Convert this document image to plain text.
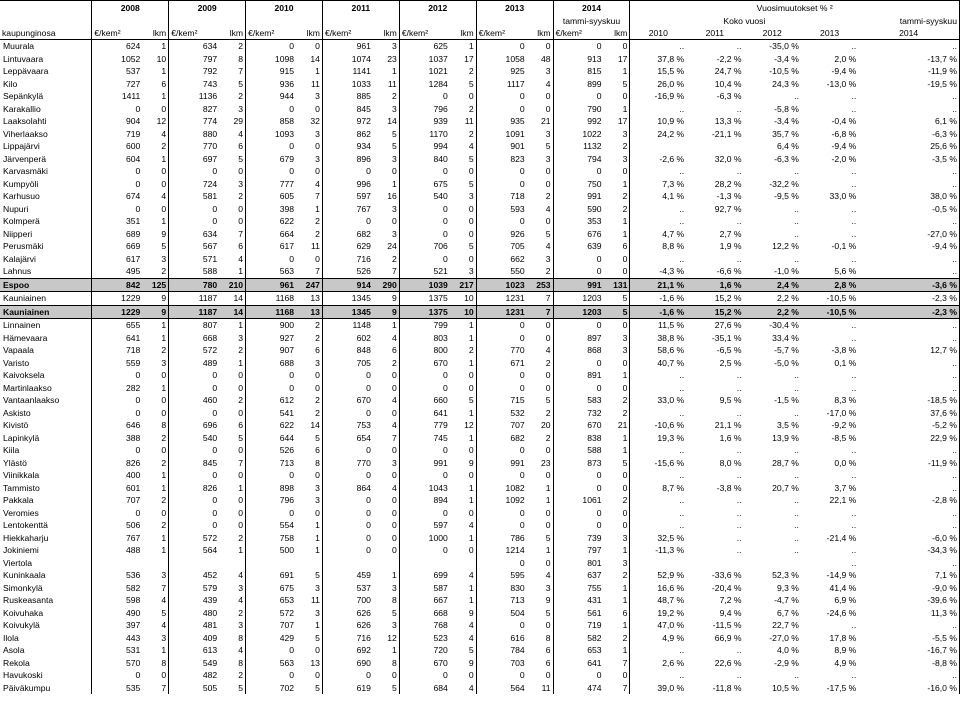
	2008		2009		2010		2011		2012		2013		2014		Vuosimuutokset % ²				
													tammi-syyskuu		Koko vuosi				tammi-syyskuu
kaupunginosa	€/kem²	lkm	€/kem²	lkm	€/kem²	lkm	€/kem²	lkm	€/kem²	lkm	€/kem²	lkm	€/kem²	lkm	2010	2011	2012	2013	2014
Muurala	624	1	634	2	0	0	961	3	625	1	0	0	0	0	..	..	-35,0 %	..	..
Lintuvaara	1052	10	797	8	1098	14	1074	23	1037	17	1058	48	913	17	37,8 %	-2,2 %	-3,4 %	2,0 %	-13,7 %
Leppävaara	537	1	792	7	915	1	1141	1	1021	2	925	3	815	1	15,5 %	24,7 %	-10,5 %	-9,4 %	-11,9 %
Kilo	727	6	743	5	936	11	1033	11	1284	5	1117	4	899	5	26,0 %	10,4 %	24,3 %	-13,0 %	-19,5 %
Sepänkylä	1411	1	1136	2	944	3	885	2	0	0	0	0	0	0	-16,9 %	-6,3 %	..	..	..
Karakallio	0	0	827	3	0	0	845	3	796	2	0	0	790	1	..	..	-5,8 %	..	..
Laaksolahti	904	12	774	29	858	32	972	14	939	11	935	21	992	17	10,9 %	13,3 %	-3,4 %	-0,4 %	6,1 %
Viherlaakso	719	4	880	4	1093	3	862	5	1170	2	1091	3	1022	3	24,2 %	-21,1 %	35,7 %	-6,8 %	-6,3 %
Lippajärvi	600	2	770	6	0	0	934	5	994	4	901	5	1132	2			6,4 %	-9,4 %	25,6 %
Järvenperä	604	1	697	5	679	3	896	3	840	5	823	3	794	3	-2,6 %	32,0 %	-6,3 %	-2,0 %	-3,5 %
Karvasmäki	0	0	0	0	0	0	0	0	0	0	0	0	0	0	..	..	..	..	..
Kumpyöli	0	0	724	3	777	4	996	1	675	5	0	0	750	1	7,3 %	28,2 %	-32,2 %	..	..
Karhusuo	674	4	581	2	605	7	597	16	540	3	718	2	991	2	4,1 %	-1,3 %	-9,5 %	33,0 %	38,0 %
Nupuri	0	0	0	0	398	1	767	3	0	0	593	4	590	2	..	92,7 %	..	..	-0,5 %
Kolmperä	351	1	0	0	622	2	0	0	0	0	0	0	353	1	..	..	..	..	..
Niipperi	689	9	634	7	664	2	682	3	0	0	926	5	676	1	4,7 %	2,7 %	..	..	-27,0 %
Perusmäki	669	5	567	6	617	11	629	24	706	5	705	4	639	6	8,8 %	1,9 %	12,2 %	-0,1 %	-9,4 %
Kalajärvi	617	3	571	4	0	0	716	2	0	0	662	3	0	0	..	..	..	..	..
Lahnus	495	2	588	1	563	7	526	7	521	3	550	2	0	0	-4,3 %	-6,6 %	-1,0 %	5,6 %	..
Espoo	842	125	780	210	961	247	914	290	1039	217	1023	253	991	131	21,1 %	1,6 %	2,4 %	2,8 %	-3,6 %
Kauniainen	1229	9	1187	14	1168	13	1345	9	1375	10	1231	7	1203	5	-1,6 %	15,2 %	2,2 %	-10,5 %	-2,3 %
Kauniainen	1229	9	1187	14	1168	13	1345	9	1375	10	1231	7	1203	5	-1,6 %	15,2 %	2,2 %	-10,5 %	-2,3 %
Linnainen	655	1	807	1	900	2	1148	1	799	1	0	0	0	0	11,5 %	27,6 %	-30,4 %	..	..
Hämevaara	641	1	668	3	927	2	602	4	803	1	0	0	897	3	38,8 %	-35,1 %	33,4 %	..	..
Vapaala	718	2	572	2	907	6	848	6	800	2	770	4	868	3	58,6 %	-6,5 %	-5,7 %	-3,8 %	12,7 %
Varisto	559	3	489	1	688	3	705	2	670	1	671	2	0	0	40,7 %	2,5 %	-5,0 %	0,1 %	..
Kaivoksela	0	0	0	0	0	0	0	0	0	0	0	0	891	1	..	..	..	..	..
Martinlaakso	282	1	0	0	0	0	0	0	0	0	0	0	0	0	..	..	..	..	..
Vantaanlaakso	0	0	460	2	612	2	670	4	660	5	715	5	583	2	33,0 %	9,5 %	-1,5 %	8,3 %	-18,5 %
Askisto	0	0	0	0	541	2	0	0	641	1	532	2	732	2	..	..	..	-17,0 %	37,6 %
Kivistö	646	8	696	6	622	14	753	4	779	12	707	20	670	21	-10,6 %	21,1 %	3,5 %	-9,2 %	-5,2 %
Lapinkylä	388	2	540	5	644	5	654	7	745	1	682	2	838	1	19,3 %	1,6 %	13,9 %	-8,5 %	22,9 %
Kiila	0	0	0	0	526	6	0	0	0	0	0	0	588	1	..	..	..	..	..
Ylästö	826	2	845	7	713	8	770	3	991	9	991	23	873	5	-15,6 %	8,0 %	28,7 %	0,0 %	-11,9 %
Viinikkala	400	1	0	0	0	0	0	0	0	0	0	0	0	0	..	..	..	..	..
Tammisto	601	1	826	1	898	3	864	4	1043	1	1082	1	0	0	8,7 %	-3,8 %	20,7 %	3,7 %	..
Pakkala	707	2	0	0	796	3	0	0	894	1	1092	1	1061	2	..	..	..	22,1 %	-2,8 %
Veromies	0	0	0	0	0	0	0	0	0	0	0	0	0	0	..	..	..	..	..
Lentokenttä	506	2	0	0	554	1	0	0	597	4	0	0	0	0	..	..	..	..	..
Hiekkaharju	767	1	572	2	758	1	0	0	1000	1	786	5	739	3	32,5 %	..	..	-21,4 %	-6,0 %
Jokiniemi	488	1	564	1	500	1	0	0	0	0	1214	1	797	1	-11,3 %	..	..	..	-34,3 %
Viertola											0	0	801	3				..	..
Kuninkaala	536	3	452	4	691	5	459	1	699	4	595	4	637	2	52,9 %	-33,6 %	52,3 %	-14,9 %	7,1 %
Simonkylä	582	7	579	3	675	3	537	3	587	1	830	3	755	1	16,6 %	-20,4 %	9,3 %	41,4 %	-9,0 %
Ruskeasanta	598	4	439	4	653	11	700	8	667	1	713	9	431	1	48,7 %	7,2 %	-4,7 %	6,9 %	-39,6 %
Koivuhaka	490	5	480	2	572	3	626	5	668	9	504	5	561	6	19,2 %	9,4 %	6,7 %	-24,6 %	11,3 %
Koivukylä	397	4	481	3	707	1	626	3	768	4	0	0	719	1	47,0 %	-11,5 %	22,7 %	..	..
Ilola	443	3	409	8	429	5	716	12	523	4	616	8	582	2	4,9 %	66,9 %	-27,0 %	17,8 %	-5,5 %
Asola	531	1	613	4	0	0	692	1	720	5	784	6	653	1	..	..	4,0 %	8,9 %	-16,7 %
Rekola	570	8	549	8	563	13	690	8	670	9	703	6	641	7	2,6 %	22,6 %	-2,9 %	4,9 %	-8,8 %
Havukoski	0	0	482	2	0	0	0	0	0	0	0	0	0	0	..	..	..	..	..
Päiväkumpu	535	7	505	5	702	5	619	5	684	4	564	11	474	7	39,0 %	-11,8 %	10,5 %	-17,5 %	-16,0 %
